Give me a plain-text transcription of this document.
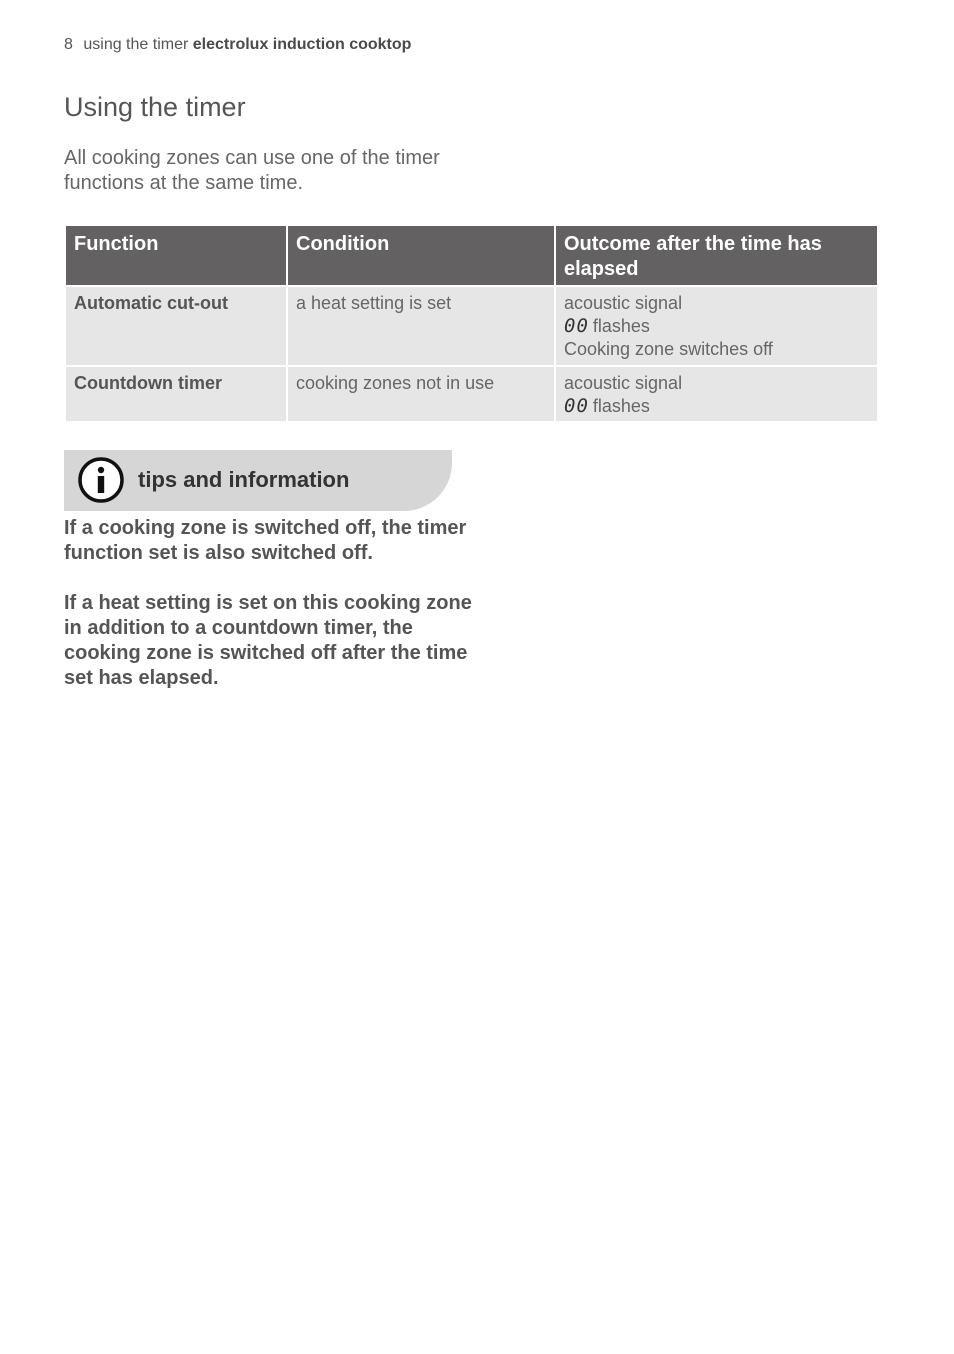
8 using the timer electrolux induction cooktop
Using the timer

All cooking zones can use one of the timer functions at the same time.

Function	Condition	Outcome after the time has elapsed
Automatic cut-out	a heat setting is set	acoustic signal
00 flashes
Cooking zone switches off

Countdown timer	cooking zones not in use	acoustic signal
00 flashes
tips and information

If a cooking zone is switched off, the timer function set is also switched off.

If a heat setting is set on this cooking zone in addition to a countdown timer, the cooking zone is switched off after the time set has elapsed.
